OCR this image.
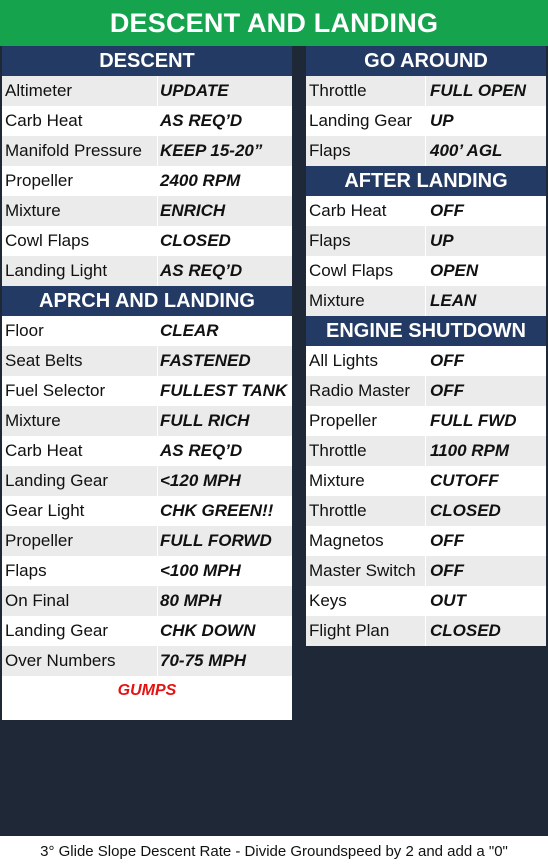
DESCENT AND LANDING
DESCENT
Altimeter	UPDATE
Carb Heat	AS REQ’D
Manifold Pressure	KEEP 15-20”
Propeller	2400 RPM
Mixture	ENRICH
Cowl Flaps	CLOSED
Landing Light	AS REQ’D
APRCH AND LANDING
Floor	CLEAR
Seat Belts	FASTENED
Fuel Selector	FULLEST TANK
Mixture	FULL RICH
Carb Heat	AS REQ’D
Landing Gear	<120 MPH
Gear Light	CHK GREEN!!
Propeller	FULL FORWD
Flaps	<100 MPH
On Final	80 MPH
Landing Gear	CHK DOWN
Over Numbers	70-75 MPH
GUMPS
GO AROUND
Throttle	FULL OPEN
Landing Gear	UP
Flaps	400’ AGL
AFTER LANDING
Carb Heat	OFF
Flaps	UP
Cowl Flaps	OPEN
Mixture	LEAN
ENGINE SHUTDOWN
All Lights	OFF
Radio Master	OFF
Propeller	FULL FWD
Throttle	1100 RPM
Mixture	CUTOFF
Throttle	CLOSED
Magnetos	OFF
Master Switch OFF
Keys	OUT
Flight Plan	CLOSED
3° Glide Slope Descent Rate - Divide Groundspeed by 2 and add a "0"
